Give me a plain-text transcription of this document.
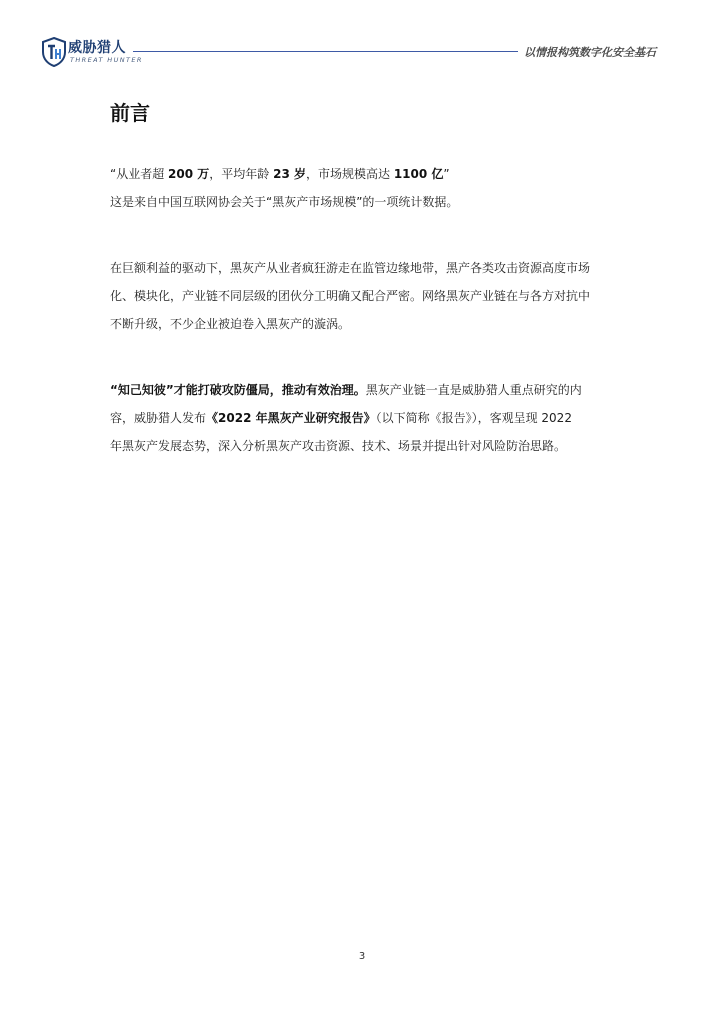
威胁猎人
THREAT HUNTER
以情报构筑数字化安全基石
前言
“从业者超 200 万，平均年龄 23 岁，市场规模高达 1100 亿”
这是来自中国互联网协会关于“黑灰产市场规模”的一项统计数据。
在巨额利益的驱动下，黑灰产从业者疯狂游走在监管边缘地带，黑产各类攻击资源高度市场
化、模块化，产业链不同层级的团伙分工明确又配合严密。网络黑灰产业链在与各方对抗中
不断升级，不少企业被迫卷入黑灰产的漩涡。
“知己知彼”才能打破攻防僵局，推动有效治理。黑灰产业链一直是威胁猎人重点研究的内
容，威胁猎人发布《2022 年黑灰产业研究报告》（以下简称《报告》），客观呈现 2022
年黑灰产发展态势，深入分析黑灰产攻击资源、技术、场景并提出针对风险防治思路。
3
